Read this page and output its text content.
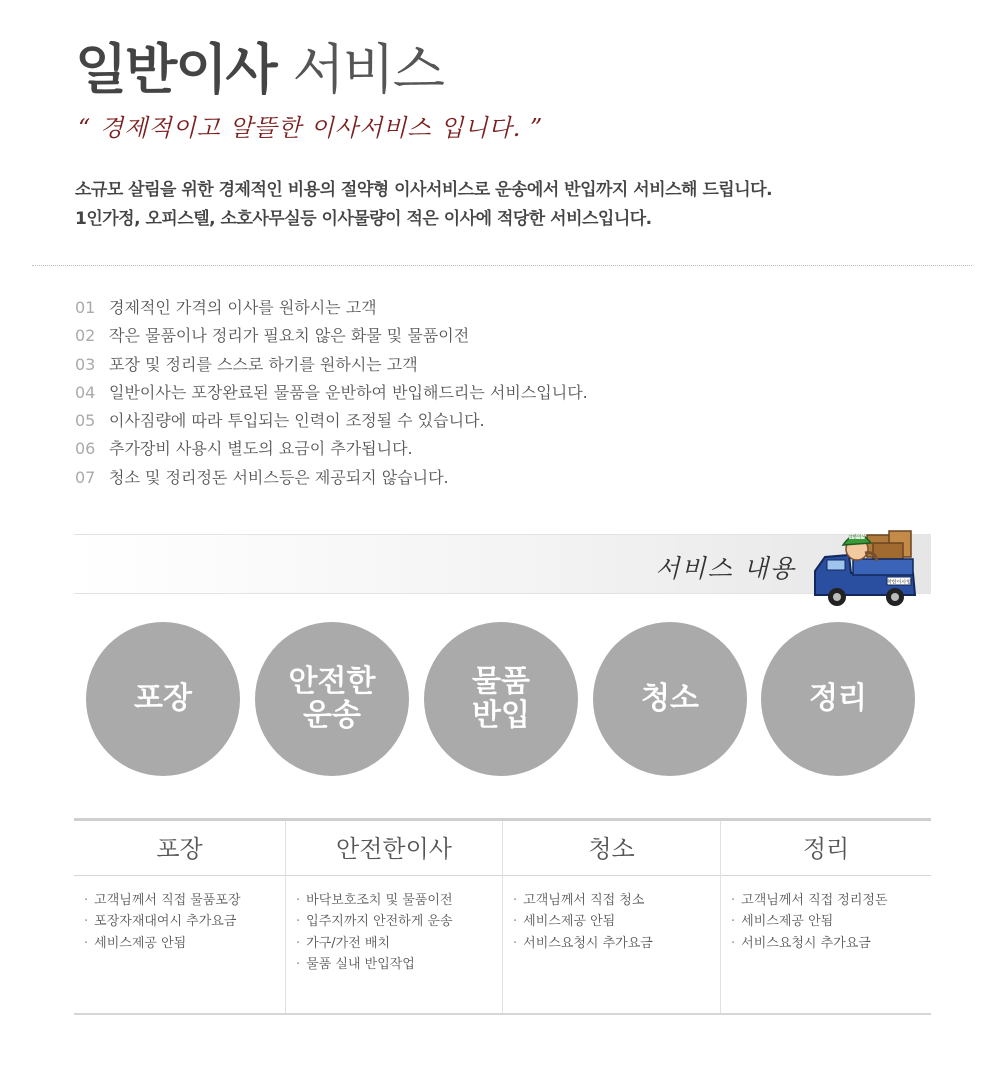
일반이사 서비스
“ 경제적이고 알뜰한 이사서비스 입니다. ”

소규모 살림을 위한 경제적인 비용의 절약형 이사서비스로 운송에서 반입까지 서비스해 드립니다.
1인가정, 오피스텔, 소호사무실등 이사물량이 적은 이사에 적당한 서비스입니다.

01 경제적인 가격의 이사를 원하시는 고객
02 작은 물품이나 정리가 필요치 않은 화물 및 물품이전
03 포장 및 정리를 스스로 하기를 원하시는 고객
04 일반이사는 포장완료된 물품을 운반하여 반입해드리는 서비스입니다.
05 이사짐량에 따라 투입되는 인력이 조정될 수 있습니다.
06 추가장비 사용시 별도의 요금이 추가됩니다.
07 청소 및 정리정돈 서비스등은 제공되지 않습니다.
서비스 내용	착한이사힘
착한이사
포장	안전한
운송
물품
반입	청소	정리
포장
· 고객님께서 직접 물품포장
· 포장자재대여시 추가요금
· 세비스제공 안됨
안전한이사
· 바닥보호조치 및 물품이전
· 입주지까지 안전하게 운송
· 가구/가전 배치
· 물품 실내 반입작업
청소
· 고객님께서 직접 청소
· 세비스제공 안됨
· 서비스요청시 추가요금
정리
· 고객님께서 직접 정리정돈
· 세비스제공 안됨
· 서비스요청시 추가요금
